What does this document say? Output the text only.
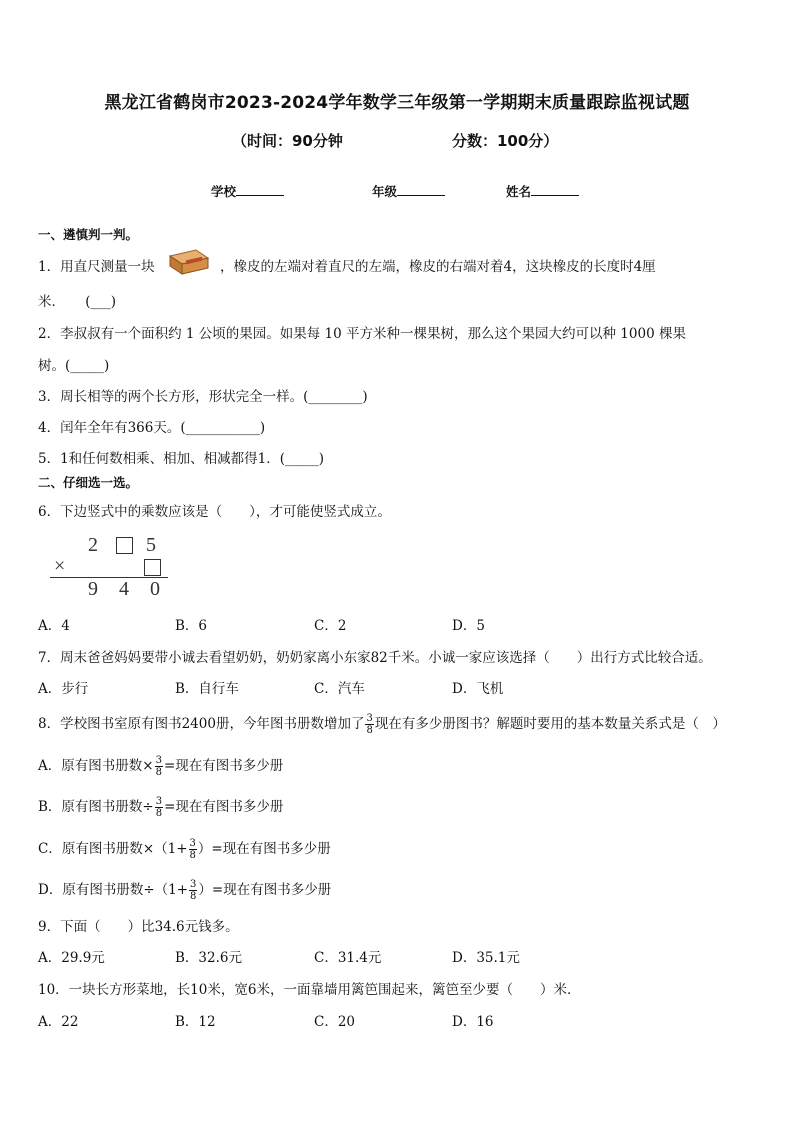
黑龙江省鹤岗市2023-2024学年数学三年级第一学期期末质量跟踪监视试题
（时间：90分钟	分数：100分）
学校	年级	姓名
一、遴慎判一判。
1．用直尺测量一块	，橡皮的左端对着直尺的左端，橡皮的右端对着4，这块橡皮的长度时4厘
米．　　(___)
2．李叔叔有一个面积约 1 公顷的果园。如果每 10 平方米种一棵果树，那么这个果园大约可以种 1000 棵果
树。(_____)
3．周长相等的两个长方形，形状完全一样。(________)
4．闰年全年有366天。(___________)
5．1和任何数相乘、相加、相减都得1．(_____)
二、仔细选一选。
6．下边竖式中的乘数应该是（　　），才可能使竖式成立。
2 5
×
9 4 0
A．4	B．6	C．2	D．5
7．周末爸爸妈妈要带小诚去看望奶奶，奶奶家离小东家82千米。小诚一家应该选择（　　）出行方式比较合适。
A．步行	B．自行车	C．汽车	D．飞机
8．学校图书室原有图书2400册，今年图书册数增加了 $\frac{3}{8}$ 现在有多少册图书？解题时要用的基本数量关系式是（　）
A．原有图书册数× $\frac{3}{8}$ =现在有图书多少册
B．原有图书册数÷ $\frac{3}{8}$ =现在有图书多少册
C．原有图书册数$\times(1+ \frac{3}{8}$ ）=现在有图书多少册
D．原有图书册数$\div(1+ \frac{3}{8}$ ）=现在有图书多少册
9．下面（　　）比34.6元钱多。
A．29.9元	B．32.6元	C．31.4元	D．35.1元
10．一块长方形菜地，长10米，宽6米，一面靠墙用篱笆围起来，篱笆至少要（　　）米．
A．22	B．12	C．20	D．16
